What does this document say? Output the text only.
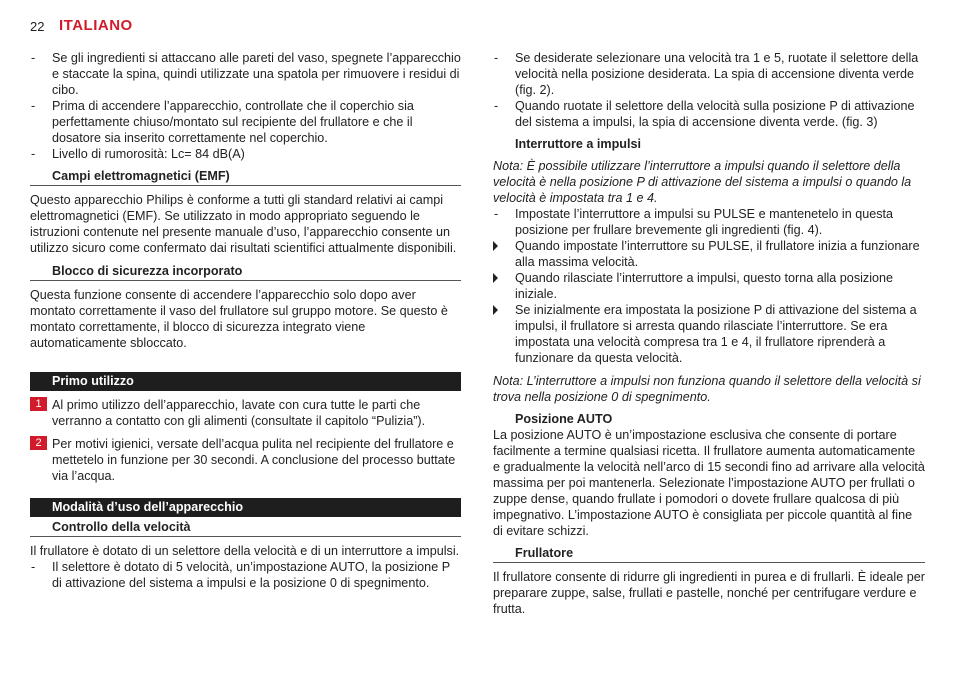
22 ITALIANO

- Se gli ingredienti si attaccano alle pareti del vaso, spegnete l’apparecchio e staccate la spina, quindi utilizzate una spatola per rimuovere i residui di cibo.

- Prima di accendere l’apparecchio, controllate che il coperchio sia perfettamente chiuso/montato sul recipiente del frullatore e che il dosatore sia inserito correttamente nel coperchio.

- Livello di rumorosità: Lc= 84 dB(A)

Campi elettromagnetici (EMF)

Questo apparecchio Philips è conforme a tutti gli standard relativi ai campi elettromagnetici (EMF). Se utilizzato in modo appropriato seguendo le istruzioni contenute nel presente manuale d’uso, l’apparecchio consente un utilizzo sicuro come confermato dai risultati scientifici attualmente disponibili.

Blocco di sicurezza incorporato

Questa funzione consente di accendere l’apparecchio solo dopo aver montato correttamente il vaso del frullatore sul gruppo motore. Se questo è montato correttamente, il blocco di sicurezza integrato viene automaticamente sbloccato.

Primo utilizzo
1 Al primo utilizzo dell’apparecchio, lavate con cura tutte le parti che verranno a contatto con gli alimenti (consultate il capitolo “Pulizia”).
2 Per motivi igienici, versate dell’acqua pulita nel recipiente del frullatore e mettetelo in funzione per 30 secondi. A conclusione del processo buttate via l’acqua.
Modalità d’uso dell’apparecchio
Controllo della velocità

Il frullatore è dotato di un selettore della velocità e di un interruttore a impulsi.

- Il selettore è dotato di 5 velocità, un’impostazione AUTO, la posizione P di attivazione del sistema a impulsi e la posizione 0 di spegnimento.

- Se desiderate selezionare una velocità tra 1 e 5, ruotate il selettore della velocità nella posizione desiderata. La spia di accensione diventa verde (fig. 2).

- Quando ruotate il selettore della velocità sulla posizione P di attivazione del sistema a impulsi, la spia di accensione diventa verde. (fig. 3)

Interruttore a impulsi

Nota: È possibile utilizzare l’interruttore a impulsi quando il selettore della velocità è nella posizione P di attivazione del sistema a impulsi o quando la velocità è impostata tra 1 e 4.

- Impostate l’interruttore a impulsi su PULSE e mantenetelo in questa posizione per frullare brevemente gli ingredienti (fig. 4).

Quando impostate l’interruttore su PULSE, il frullatore inizia a funzionare alla massima velocità.

Quando rilasciate l’interruttore a impulsi, questo torna alla posizione iniziale.

Se inizialmente era impostata la posizione P di attivazione del sistema a impulsi, il frullatore si arresta quando rilasciate l’interruttore. Se era impostata una velocità compresa tra 1 e 4, il frullatore riprenderà a funzionare da questa velocità.

Nota: L’interruttore a impulsi non funziona quando il selettore della velocità si trova nella posizione 0 di spegnimento.

Posizione AUTO

La posizione AUTO è un’impostazione esclusiva che consente di portare facilmente a termine qualsiasi ricetta. Il frullatore aumenta automaticamente e gradualmente la velocità nell’arco di 15 secondi fino ad arrivare alla velocità massima per poi mantenerla. Selezionate l’impostazione AUTO per frullati o zuppe dense, quando frullate i pomodori o dovete frullare qualcosa di più impegnativo. L’impostazione AUTO è consigliata per piccole quantità al fine di evitare schizzi.

Frullatore

Il frullatore consente di ridurre gli ingredienti in purea e di frullarli. È ideale per preparare zuppe, salse, frullati e pastelle, nonché per centrifugare verdure e frutta.
